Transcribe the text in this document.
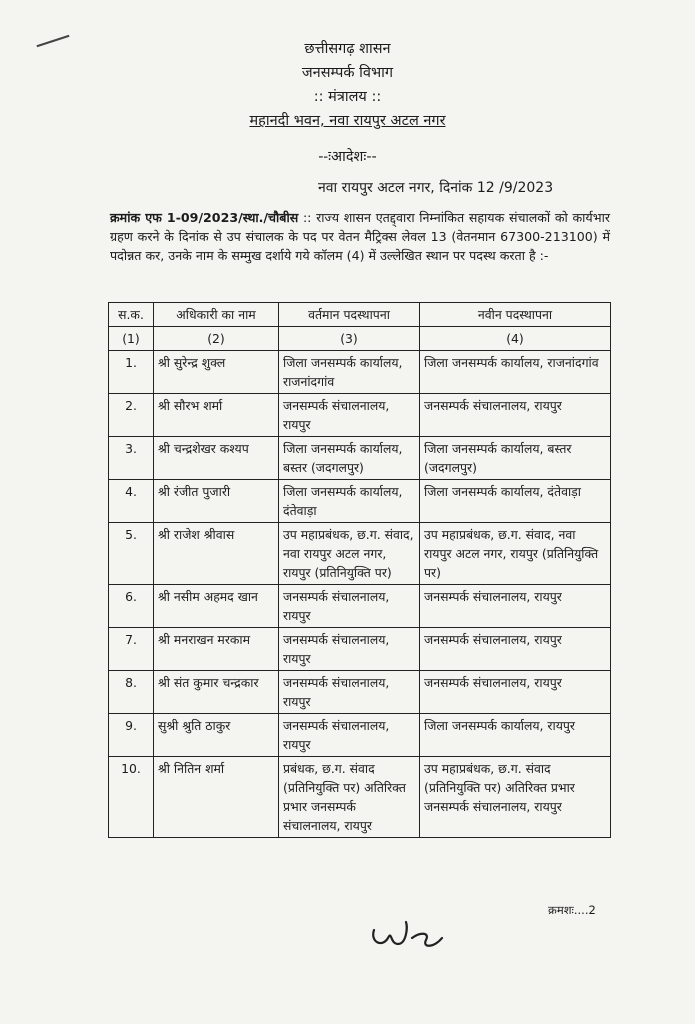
छत्तीसगढ़ शासन
जनसम्पर्क विभाग
:: मंत्रालय ::
महानदी भवन, नवा रायपुर अटल नगर
--ःआदेशः--
नवा रायपुर अटल नगर, दिनांक 12 /9/2023
क्रमांक एफ 1-09/2023/स्था./चौबीस :: राज्य शासन एतद्द्वारा निम्नांकित सहायक संचालकों को कार्यभार ग्रहण करने के दिनांक से उप संचालक के पद पर वेतन मैट्रिक्स लेवल 13 (वेतनमान 67300-213100) में पदोन्नत कर, उनके नाम के सम्मुख दर्शाये गये कॉलम (4) में उल्लेखित स्थान पर पदस्थ करता है :-
स.क.	अधिकारी का नाम	वर्तमान पदस्थापना	नवीन पदस्थापना
(1)	(2)	(3)	(4)
1.	श्री सुरेन्द्र शुक्ल	जिला जनसम्पर्क कार्यालय, राजनांदगांव	जिला जनसम्पर्क कार्यालय, राजनांदगांव
2.	श्री सौरभ शर्मा	जनसम्पर्क संचालनालय, रायपुर	जनसम्पर्क संचालनालय, रायपुर
3.	श्री चन्द्रशेखर कश्यप	जिला जनसम्पर्क कार्यालय, बस्तर (जदगलपुर)	जिला जनसम्पर्क कार्यालय, बस्तर (जदगलपुर)
4.	श्री रंजीत पुजारी	जिला जनसम्पर्क कार्यालय, दंतेवाड़ा	जिला जनसम्पर्क कार्यालय, दंतेवाड़ा
5.	श्री राजेश श्रीवास	उप महाप्रबंधक, छ.ग. संवाद, नवा रायपुर अटल नगर, रायपुर (प्रतिनियुक्ति पर)	उप महाप्रबंधक, छ.ग. संवाद, नवा रायपुर अटल नगर, रायपुर (प्रतिनियुक्ति पर)
6.	श्री नसीम अहमद खान	जनसम्पर्क संचालनालय, रायपुर	जनसम्पर्क संचालनालय, रायपुर
7.	श्री मनराखन मरकाम	जनसम्पर्क संचालनालय, रायपुर	जनसम्पर्क संचालनालय, रायपुर
8.	श्री संत कुमार चन्द्रकार	जनसम्पर्क संचालनालय, रायपुर	जनसम्पर्क संचालनालय, रायपुर
9.	सुश्री श्रुति ठाकुर	जनसम्पर्क संचालनालय, रायपुर	जिला जनसम्पर्क कार्यालय, रायपुर
10.	श्री नितिन शर्मा	प्रबंधक, छ.ग. संवाद (प्रतिनियुक्ति पर) अतिरिक्त प्रभार जनसम्पर्क संचालनालय, रायपुर	उप महाप्रबंधक, छ.ग. संवाद (प्रतिनियुक्ति पर) अतिरिक्त प्रभार जनसम्पर्क संचालनालय, रायपुर
क्रमशः....2
